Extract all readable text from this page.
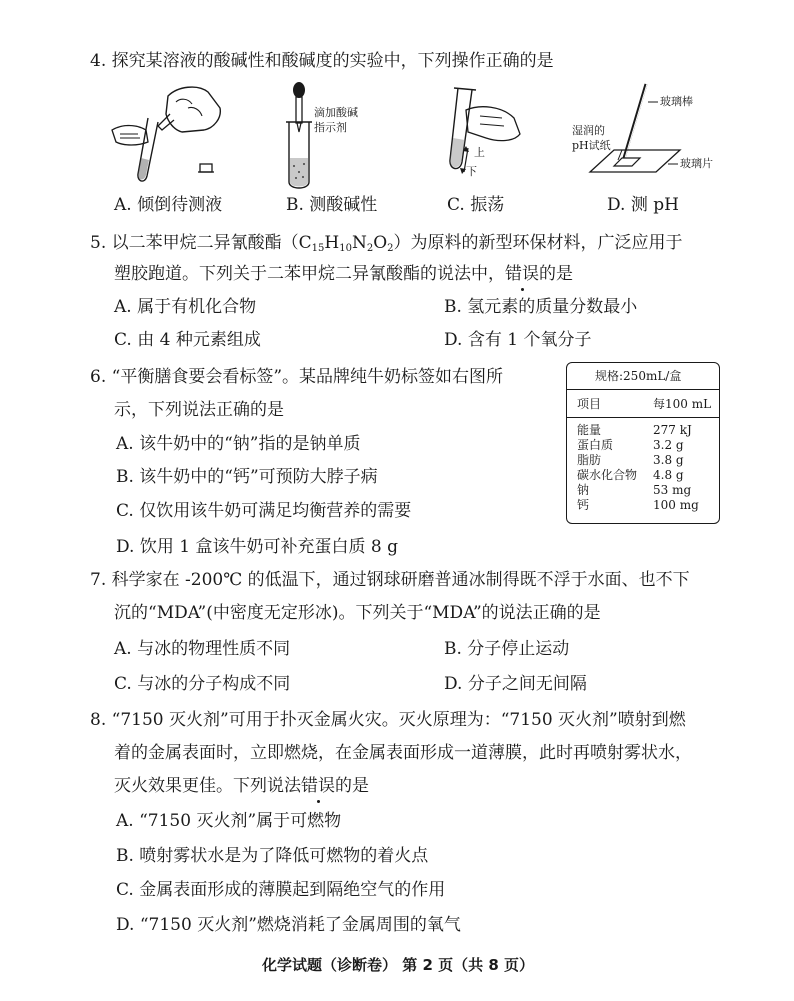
4. 探究某溶液的酸碱性和酸碱度的实验中，下列操作正确的是
滴加酸碱
指示剂
上
下
玻璃棒
湿润的
pH试纸
玻璃片
A. 倾倒待测液	B. 测酸碱性	C. 振荡	D. 测 pH
5. 以二苯甲烷二异氰酸酯$(C_{15}H_{10}N_2O_2)$为原料的新型环保材料，广泛应用于
塑胶跑道。下列关于二苯甲烷二异氰酸酯的说法中，错误的是
A. 属于有机化合物	B. 氢元素的质量分数最小
C. 由 4 种元素组成	D. 含有 1 个氧分子
6. “平衡膳食要会看标签”。某品牌纯牛奶标签如右图所
示，下列说法正确的是
A. 该牛奶中的“钠”指的是钠单质
B. 该牛奶中的“钙”可预防大脖子病
C. 仅饮用该牛奶可满足均衡营养的需要
D. 饮用 1 盒该牛奶可补充蛋白质 8 g
规格:250mL/盒
项目	每100 mL
能量	277 kJ
蛋白质	3.2 g
脂肪	3.8 g
碳水化合物 4.8 g
钠	53 mg
钙	100 mg
7. 科学家在 -200℃ 的低温下，通过钢球研磨普通冰制得既不浮于水面、也不下
沉的“MDA”(中密度无定形冰)。下列关于“MDA”的说法正确的是
A. 与冰的物理性质不同	B. 分子停止运动
C. 与冰的分子构成不同	D. 分子之间无间隔
8. “7150 灭火剂”可用于扑灭金属火灾。灭火原理为：“7150 灭火剂”喷射到燃
着的金属表面时，立即燃烧，在金属表面形成一道薄膜，此时再喷射雾状水，
灭火效果更佳。下列说法错误的是
A. “7150 灭火剂”属于可燃物
B. 喷射雾状水是为了降低可燃物的着火点
C. 金属表面形成的薄膜起到隔绝空气的作用
D. “7150 灭火剂”燃烧消耗了金属周围的氧气
化学试题（诊断卷） 第 2 页（共 8 页）
